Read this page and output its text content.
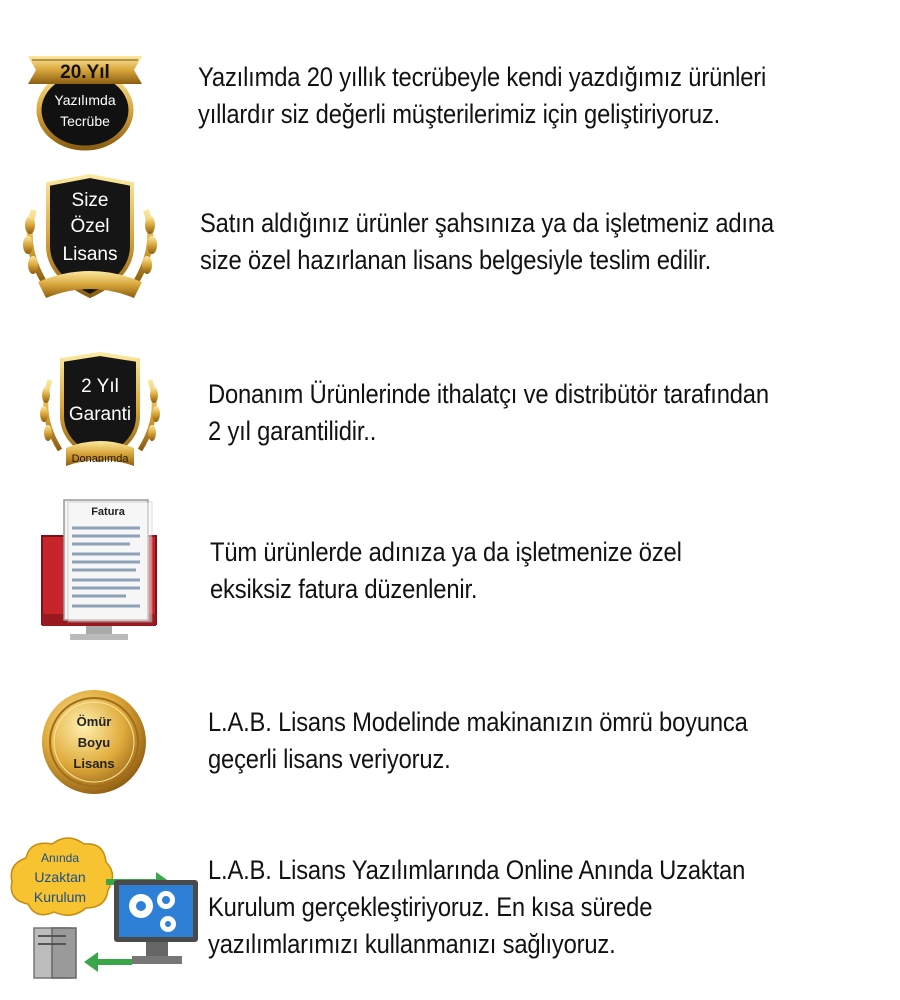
20.Yıl
Yazılımda
Tecrübe
Yazılımda 20 yıllık tecrübeyle kendi yazdığımız ürünleri
yıllardır siz değerli müşterilerimiz için geliştiriyoruz.
Size
Özel
Lisans
Satın aldığınız ürünler şahsınıza ya da işletmeniz adına
size özel hazırlanan lisans belgesiyle teslim edilir.
2 Yıl
Garanti
Donanımda
Donanım Ürünlerinde ithalatçı ve distribütör tarafından
2 yıl garantilidir..
Fatura
Tüm ürünlerde adınıza ya da işletmenize özel
eksiksiz fatura düzenlenir.
Ömür
Boyu
Lisans
L.A.B. Lisans Modelinde makinanızın ömrü boyunca
geçerli lisans veriyoruz.
Anında
Uzaktan
Kurulum
L.A.B. Lisans Yazılımlarında Online Anında Uzaktan
Kurulum gerçekleştiriyoruz. En kısa sürede
yazılımlarımızı kullanmanızı sağlıyoruz.
